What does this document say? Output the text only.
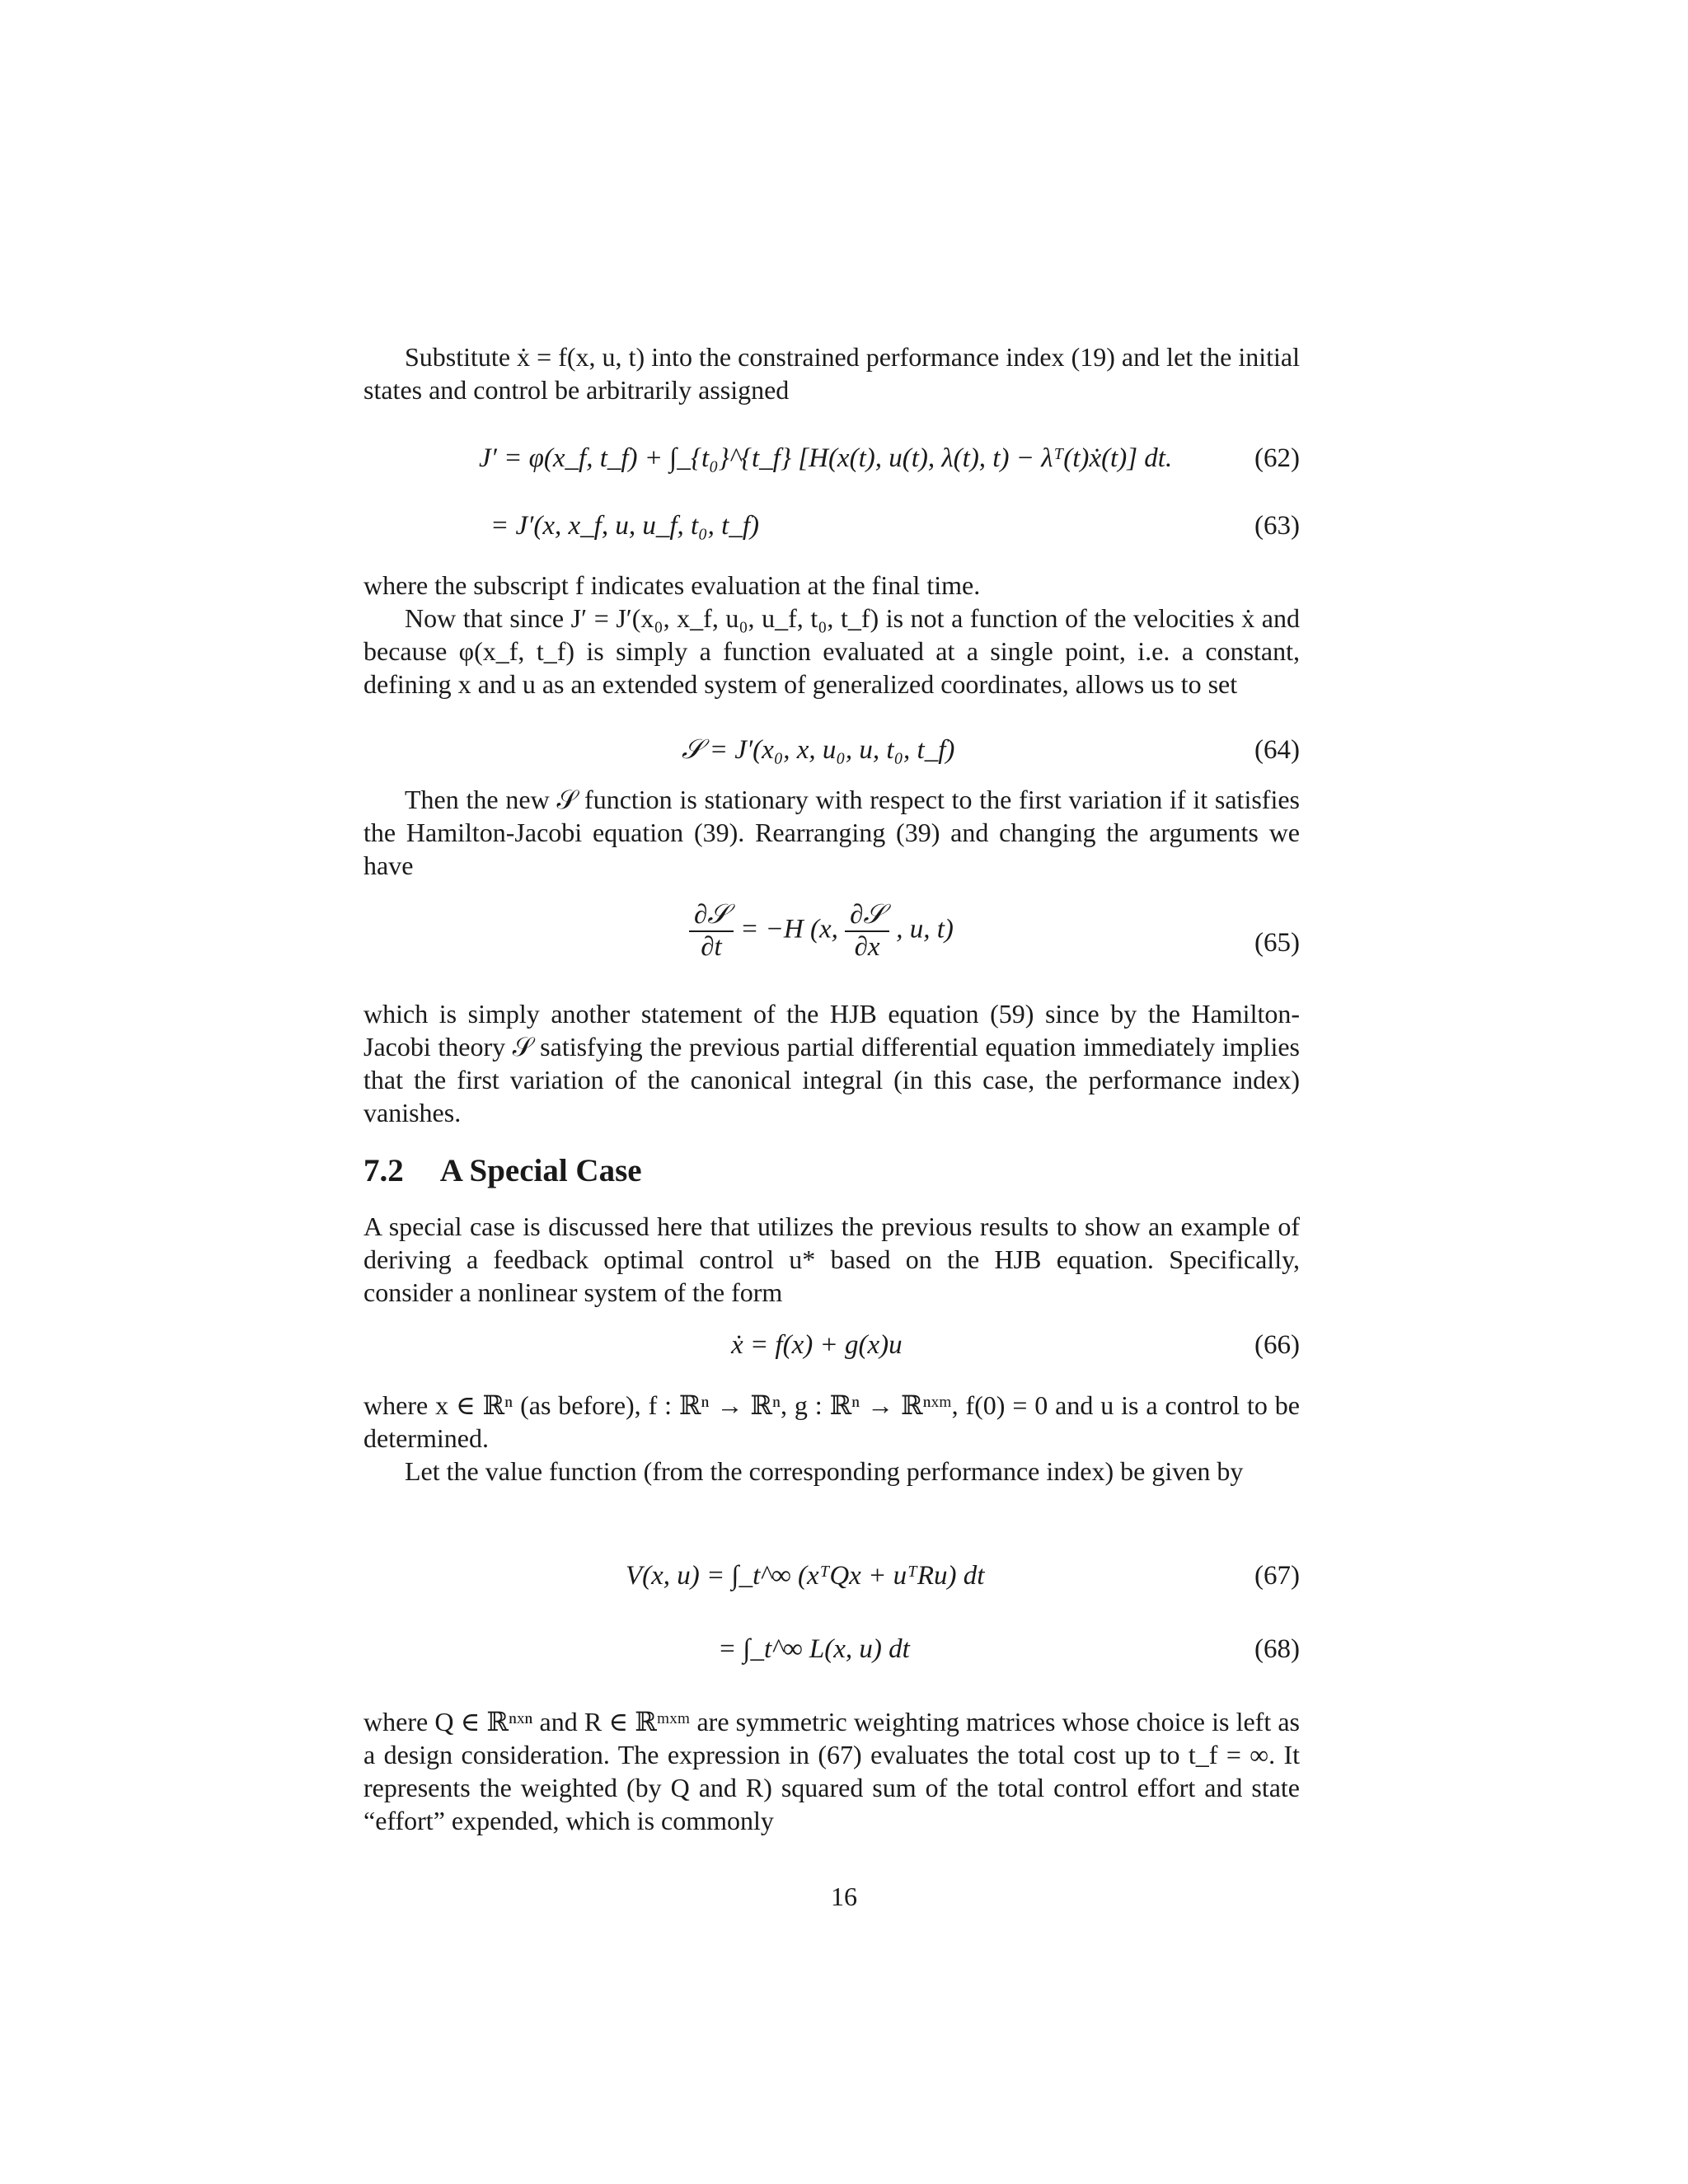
Substitute ẋ = f(x, u, t) into the constrained performance index (19) and let the initial states and control be arbitrarily assigned

J′ = φ(x_f, t_f) + ∫_{t₀}^{t_f} [H(x(t), u(t), λ(t), t) − λᵀ(t)ẋ(t)] dt.	(62)
= J′(x, x_f, u, u_f, t₀, t_f)	(63)

where the subscript f indicates evaluation at the final time.

Now that since J′ = J′(x₀, x_f, u₀, u_f, t₀, t_f) is not a function of the velocities ẋ and because φ(x_f, t_f) is simply a function evaluated at a single point, i.e. a constant, defining x and u as an extended system of generalized coordinates, allows us to set

𝒮 = J′(x₀, x, u₀, u, t₀, t_f)	(64)

Then the new 𝒮 function is stationary with respect to the first variation if it satisfies the Hamilton-Jacobi equation (39). Rearranging (39) and changing the arguments we have

$\frac{\text{∂𝒮}}{\partial t} = -H$ (x, $\frac{\text{∂𝒮}}{\partial x}$ , u, t)	(65)

which is simply another statement of the HJB equation (59) since by the Hamilton-Jacobi theory 𝒮 satisfying the previous partial differential equation immediately implies that the first variation of the canonical integral (in this case, the performance index) vanishes.

7.2 A Special Case

A special case is discussed here that utilizes the previous results to show an example of deriving a feedback optimal control u* based on the HJB equation. Specifically, consider a nonlinear system of the form

ẋ = f(x) + g(x)u	(66)

where x ∈ ℝⁿ (as before), f : ℝⁿ → ℝⁿ, g : ℝⁿ → ℝⁿˣᵐ, f(0) = 0 and u is a control to be determined.

Let the value function (from the corresponding performance index) be given by

V(x, u) = ∫_t^∞ (xᵀQx + uᵀRu) dt	(67)
= ∫_t^∞ L(x, u) dt	(68)

where Q ∈ ℝⁿˣⁿ and R ∈ ℝᵐˣᵐ are symmetric weighting matrices whose choice is left as a design consideration. The expression in (67) evaluates the total cost up to t_f = ∞. It represents the weighted (by Q and R) squared sum of the total control effort and state “effort” expended, which is commonly

16
